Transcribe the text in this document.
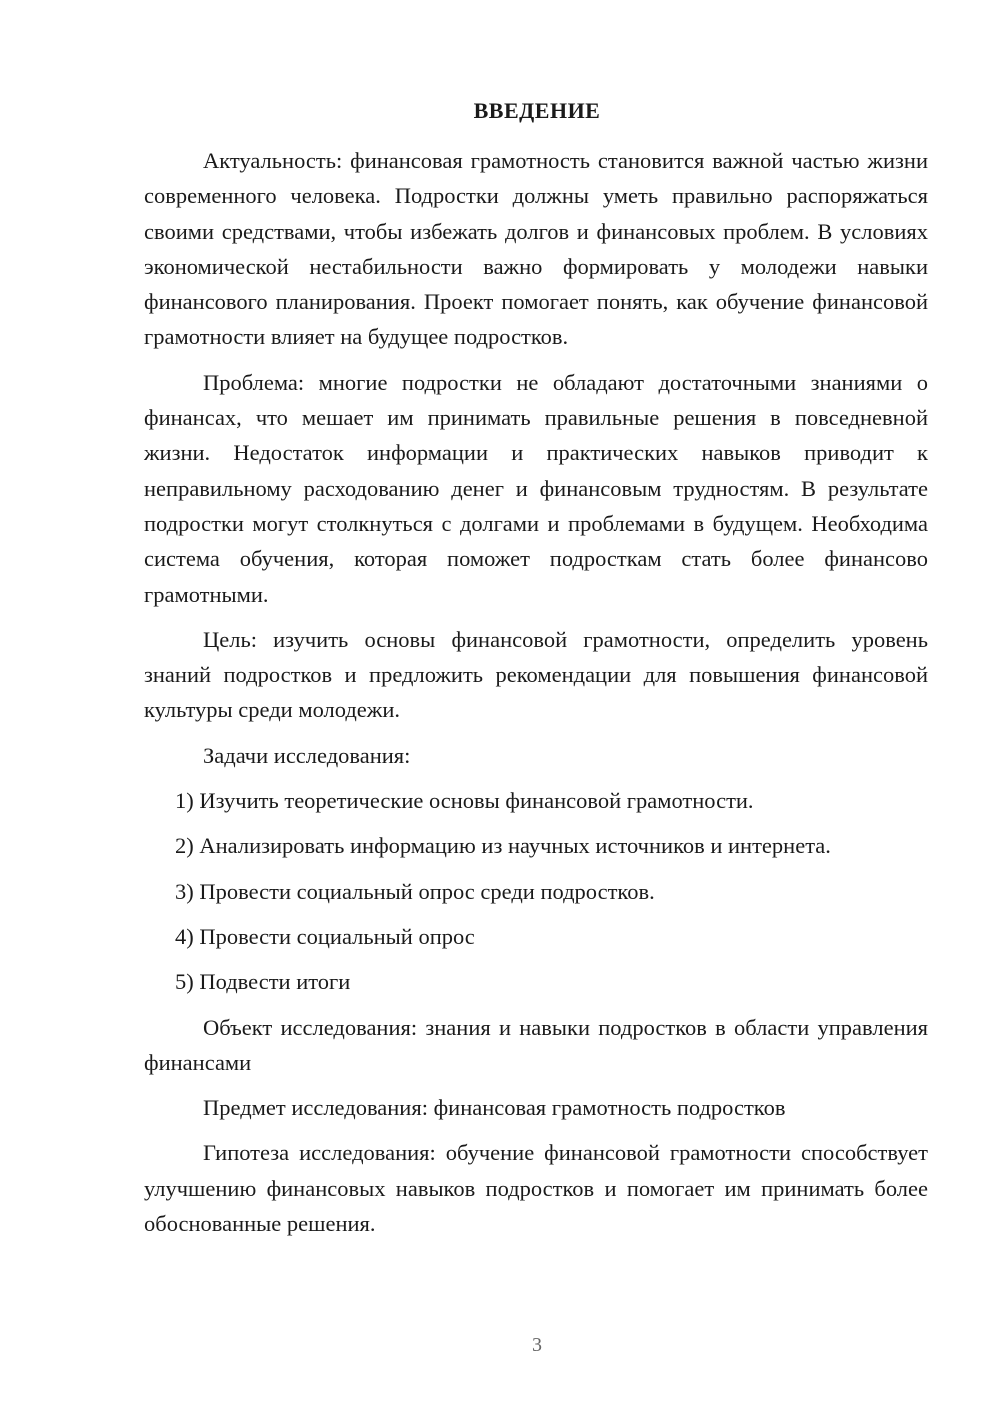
ВВЕДЕНИЕ

Актуальность: финансовая грамотность становится важной частью жизни современного человека. Подростки должны уметь правильно распоряжаться своими средствами, чтобы избежать долгов и финансовых проблем. В условиях экономической нестабильности важно формировать у молодежи навыки финансового планирования. Проект помогает понять, как обучение финансовой грамотности влияет на будущее подростков.

Проблема: многие подростки не обладают достаточными знаниями о финансах, что мешает им принимать правильные решения в повседневной жизни. Недостаток информации и практических навыков приводит к неправильному расходованию денег и финансовым трудностям. В результате подростки могут столкнуться с долгами и проблемами в будущем. Необходима система обучения, которая поможет подросткам стать более финансово грамотными.

Цель: изучить основы финансовой грамотности, определить уровень знаний подростков и предложить рекомендации для повышения финансовой культуры среди молодежи.

Задачи исследования:

1) Изучить теоретические основы финансовой грамотности.

2) Анализировать информацию из научных источников и интернета.

3) Провести социальный опрос среди подростков.

4) Провести социальный опрос

5) Подвести итоги

Объект исследования: знания и навыки подростков в области управления финансами

Предмет исследования: финансовая грамотность подростков

Гипотеза исследования: обучение финансовой грамотности способствует улучшению финансовых навыков подростков и помогает им принимать более обоснованные решения.

3
